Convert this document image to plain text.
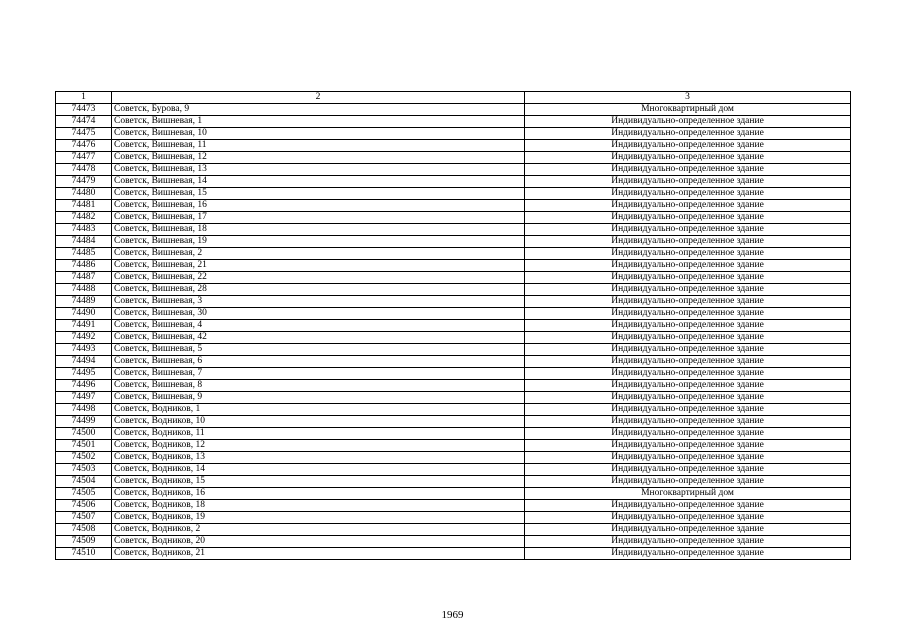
1	2	3
74473	Советск, Бурова, 9	Многоквартирный дом
74474	Советск, Вишневая, 1	Индивидуально-определенное здание
74475	Советск, Вишневая, 10	Индивидуально-определенное здание
74476	Советск, Вишневая, 11	Индивидуально-определенное здание
74477	Советск, Вишневая, 12	Индивидуально-определенное здание
74478	Советск, Вишневая, 13	Индивидуально-определенное здание
74479	Советск, Вишневая, 14	Индивидуально-определенное здание
74480	Советск, Вишневая, 15	Индивидуально-определенное здание
74481	Советск, Вишневая, 16	Индивидуально-определенное здание
74482	Советск, Вишневая, 17	Индивидуально-определенное здание
74483	Советск, Вишневая, 18	Индивидуально-определенное здание
74484	Советск, Вишневая, 19	Индивидуально-определенное здание
74485	Советск, Вишневая, 2	Индивидуально-определенное здание
74486	Советск, Вишневая, 21	Индивидуально-определенное здание
74487	Советск, Вишневая, 22	Индивидуально-определенное здание
74488	Советск, Вишневая, 28	Индивидуально-определенное здание
74489	Советск, Вишневая, 3	Индивидуально-определенное здание
74490	Советск, Вишневая, 30	Индивидуально-определенное здание
74491	Советск, Вишневая, 4	Индивидуально-определенное здание
74492	Советск, Вишневая, 42	Индивидуально-определенное здание
74493	Советск, Вишневая, 5	Индивидуально-определенное здание
74494	Советск, Вишневая, 6	Индивидуально-определенное здание
74495	Советск, Вишневая, 7	Индивидуально-определенное здание
74496	Советск, Вишневая, 8	Индивидуально-определенное здание
74497	Советск, Вишневая, 9	Индивидуально-определенное здание
74498	Советск, Водников, 1	Индивидуально-определенное здание
74499	Советск, Водников, 10	Индивидуально-определенное здание
74500	Советск, Водников, 11	Индивидуально-определенное здание
74501	Советск, Водников, 12	Индивидуально-определенное здание
74502	Советск, Водников, 13	Индивидуально-определенное здание
74503	Советск, Водников, 14	Индивидуально-определенное здание
74504	Советск, Водников, 15	Индивидуально-определенное здание
74505	Советск, Водников, 16	Многоквартирный дом
74506	Советск, Водников, 18	Индивидуально-определенное здание
74507	Советск, Водников, 19	Индивидуально-определенное здание
74508	Советск, Водников, 2	Индивидуально-определенное здание
74509	Советск, Водников, 20	Индивидуально-определенное здание
74510	Советск, Водников, 21	Индивидуально-определенное здание
1969
